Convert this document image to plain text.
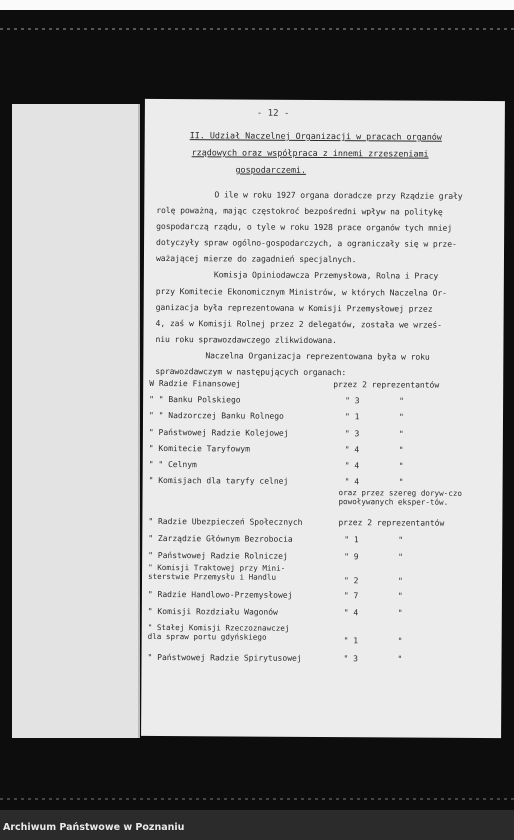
- 12 -
II. Udział Naczelnej Organizacji w pracach organów
rządowych oraz współpraca z innemi zrzeszeniami
gospodarczemi.
O ile w roku 1927 organa doradcze przy Rządzie grały
rolę poważną, mając częstokroć bezpośredni wpływ na politykę
gospodarczą rządu, o tyle w roku 1928 prace organów tych mniej
dotyczyły spraw ogólno-gospodarczych, a ograniczały się w prze-
ważającej mierze do zagadnień specjalnych.
Komisja Opiniodawcza Przemysłowa, Rolna i Pracy
przy Komitecie Ekonomicznym Ministrów, w których Naczelna Or-
ganizacja była reprezentowana w Komisji Przemysłowej przez
4, zaś w Komisji Rolnej przez 2 delegatów, została we wrześ-
niu roku sprawozdawczego zlikwidowana.
Naczelna Organizacja reprezentowana była w roku
sprawozdawczym w następujących organach:
W Radzie Finansowej	przez 2 reprezentantów
" " Banku Polskiego	" 3	"
" " Nadzorczej Banku Rolnego	" 1	"
" Państwowej Radzie Kolejowej	" 3	"
" Komitecie Taryfowym	" 4	"
" " Celnym	" 4	"
" Komisjach dla taryfy celnej	" 4	"
oraz przez szereg doryw-czo powoływanych eksper-tów.
" Radzie Ubezpieczeń Społecznych	przez 2 reprezentantów
" Zarządzie Głównym Bezrobocia	" 1	"
" Państwowej Radzie Rolniczej	" 9	"
" Komisji Traktowej przy Mini-sterstwie Przemysłu i Handlu	" 2	"
" Radzie Handlowo-Przemysłowej	" 7	"
" Komisji Rozdziału Wagonów	" 4	"
" Stałej Komisji Rzeczoznawczej dla spraw portu gdyńskiego	" 1	"
" Państwowej Radzie Spirytusowej	" 3	"
Archiwum Państwowe w Poznaniu
